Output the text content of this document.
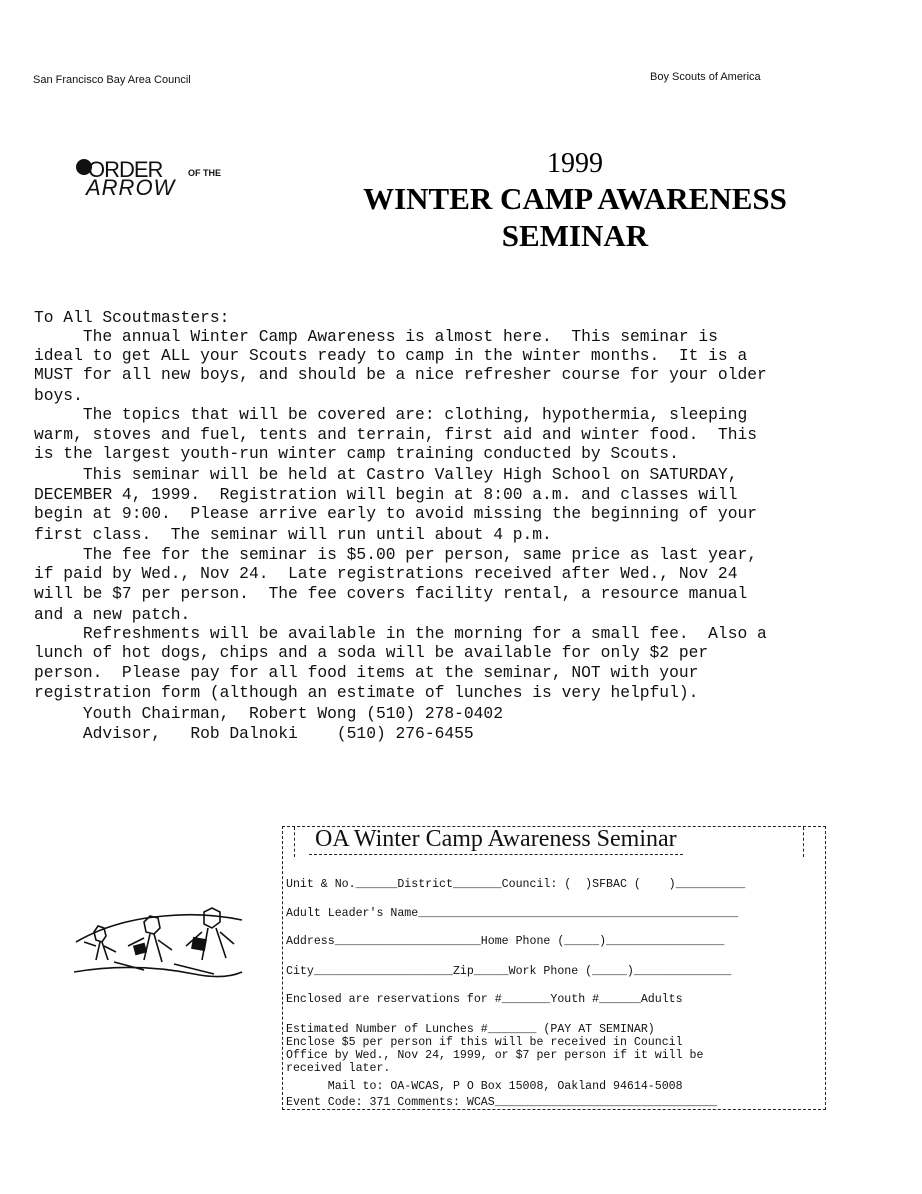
San Francisco Bay Area Council	Boy Scouts of America
ORDER	OF THE
ARROW
1999
WINTER CAMP AWARENESS
SEMINAR
To All Scoutmasters:
The annual Winter Camp Awareness is almost here.  This seminar is
ideal to get ALL your Scouts ready to camp in the winter months.  It is a
MUST for all new boys, and should be a nice refresher course for your older
boys.
The topics that will be covered are: clothing, hypothermia, sleeping
warm, stoves and fuel, tents and terrain, first aid and winter food.  This
is the largest youth-run winter camp training conducted by Scouts.
This seminar will be held at Castro Valley High School on SATURDAY,
DECEMBER 4, 1999.  Registration will begin at 8:00 a.m. and classes will
begin at 9:00.  Please arrive early to avoid missing the beginning of your
first class.  The seminar will run until about 4 p.m.
The fee for the seminar is $5.00 per person, same price as last year,
if paid by Wed., Nov 24.  Late registrations received after Wed., Nov 24
will be $7 per person.  The fee covers facility rental, a resource manual
and a new patch.
Refreshments will be available in the morning for a small fee.  Also a
lunch of hot dogs, chips and a soda will be available for only $2 per
person.  Please pay for all food items at the seminar, NOT with your
registration form (although an estimate of lunches is very helpful).
Youth Chairman,  Robert Wong (510) 278-0402
Advisor,   Rob Dalnoki    (510) 276-6455
OA Winter Camp Awareness Seminar
Unit & No.______District_______Council: (  )SFBAC (    )__________
Adult Leader's Name______________________________________________
Address_____________________Home Phone (_____)_________________
City____________________Zip_____Work Phone (_____)______________
Enclosed are reservations for #_______Youth #______Adults
Estimated Number of Lunches #_______ (PAY AT SEMINAR)
Enclose $5 per person if this will be received in Council
Office by Wed., Nov 24, 1999, or $7 per person if it will be
received later.
Mail to: OA-WCAS, P O Box 15008, Oakland 94614-5008
Event Code: 371 Comments: WCAS________________________________
